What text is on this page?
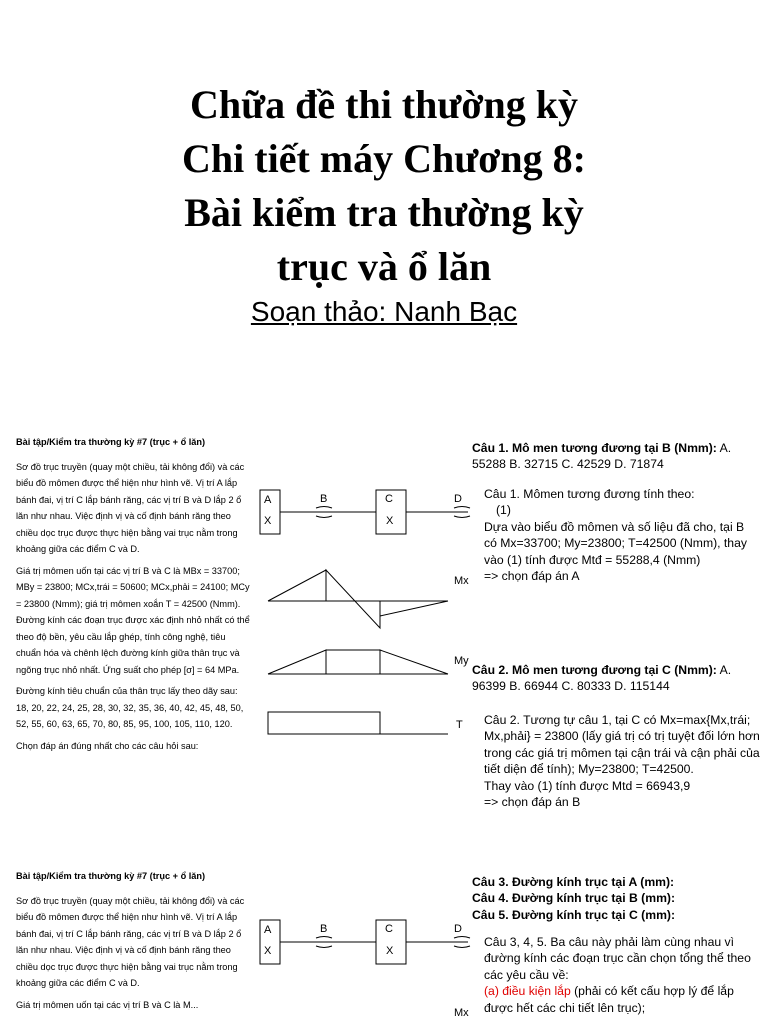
Chữa đề thi thường kỳ
Chi tiết máy Chương 8:
Bài kiểm tra thường kỳ
trục và ổ lăn
Soạn thảo: Nanh Bạc

Bài tập/Kiểm tra thường kỳ #7 (trục + ổ lăn)

Sơ đồ trục truyền (quay một chiều, tải không đổi) và các biểu đồ mômen được thể hiện như hình vẽ. Vị trí A lắp bánh đai, vị trí C lắp bánh răng, các vị trí B và D lắp 2 ổ lăn như nhau. Việc định vị và cố định bánh răng theo chiều dọc trục được thực hiện bằng vai trục nằm trong khoảng giữa các điểm C và D.

Giá trị mômen uốn tại các vị trí B và C là MBx = 33700; MBy = 23800; MCx,trái = 50600; MCx,phải = 24100; MCy = 23800 (Nmm); giá trị mômen xoắn T = 42500 (Nmm). Đường kính các đoạn trục được xác định nhỏ nhất có thể theo độ bền, yêu cầu lắp ghép, tính công nghệ, tiêu chuẩn hóa và chênh lệch đường kính giữa thân trục và ngõng trục nhỏ nhất. Ứng suất cho phép [σ] = 64 MPa.

Đường kính tiêu chuẩn của thân trục lấy theo dãy sau: 18, 20, 22, 24, 25, 28, 30, 32, 35, 36, 40, 42, 45, 48, 50, 52, 55, 60, 63, 65, 70, 80, 85, 95, 100, 105, 110, 120.

Chọn đáp án đúng nhất cho các câu hỏi sau:

A
X
B	C
X
D
Mx
My
T
Câu 1. Mô men tương đương tại B (Nmm): A. 55288 B. 32715 C. 42529 D. 71874
Câu 1. Mômen tương đương tính theo:
(1)
Dựa vào biểu đồ mômen và số liệu đã cho, tại B có Mx=33700; My=23800; T=42500 (Nmm), thay vào (1) tính được Mtđ = 55288,4 (Nmm)
=> chọn đáp án A
Câu 2. Mô men tương đương tại C (Nmm): A. 96399 B. 66944 C. 80333 D. 115144
Câu 2. Tương tự câu 1, tại C có Mx=max{Mx,trái; Mx,phải} = 23800 (lấy giá trị có trị tuyệt đối lớn hơn trong các giá trị mômen tại cận trái và cận phải của tiết diện để tính); My=23800; T=42500.
Thay vào (1) tính được Mtd = 66943,9
=> chọn đáp án B

Bài tập/Kiểm tra thường kỳ #7 (trục + ổ lăn)

Sơ đồ trục truyền (quay một chiều, tải không đổi) và các biểu đồ mômen được thể hiện như hình vẽ. Vị trí A lắp bánh đai, vị trí C lắp bánh răng, các vị trí B và D lắp 2 ổ lăn như nhau. Việc định vị và cố định bánh răng theo chiều dọc trục được thực hiện bằng vai trục nằm trong khoảng giữa các điểm C và D.

Giá trị mômen uốn tại các vị trí B và C là M...

A
X
B	C
X
D
Mx
Câu 3. Đường kính trục tại A (mm):
Câu 4. Đường kính trục tại B (mm):
Câu 5. Đường kính trục tại C (mm):
Câu 3, 4, 5. Ba câu này phải làm cùng nhau vì đường kính các đoạn trục cần chọn tổng thể theo các yêu cầu về:
(a) điều kiện lắp (phải có kết cấu hợp lý để lắp được hết các chi tiết lên trục);
